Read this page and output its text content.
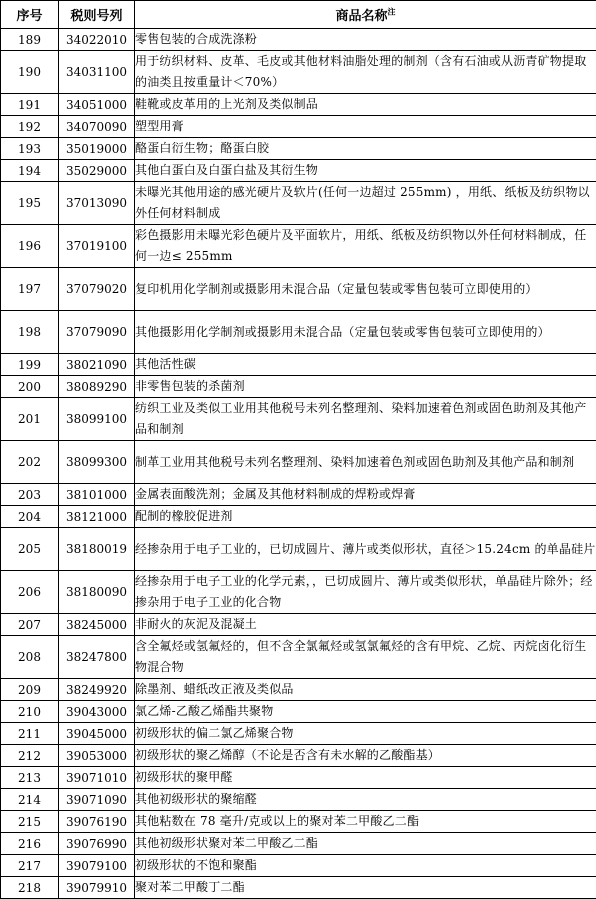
序号	税则号列	商品名称$^注$
189	34022010	零售包装的合成洗涤粉
190	34031100	用于纺织材料、皮革、毛皮或其他材料油脂处理的制剂（含有石油或从沥青矿物提取的油类且按重量计＜70%）
191	34051000	鞋靴或皮革用的上光剂及类似制品
192	34070090	塑型用膏
193	35019000	酪蛋白衍生物；酪蛋白胶
194	35029000	其他白蛋白及白蛋白盐及其衍生物
195	37013090	未曝光其他用途的感光硬片及软片(任何一边超过 255mm) ，用纸、纸板及纺织物以外任何材料制成
196	37019100	彩色摄影用未曝光彩色硬片及平面软片，用纸、纸板及纺织物以外任何材料制成，任何一边≤ 255mm
197	37079020	复印机用化学制剂或摄影用未混合品（定量包装或零售包装可立即使用的）
198	37079090	其他摄影用化学制剂或摄影用未混合品（定量包装或零售包装可立即使用的）
199	38021090	其他活性碳
200	38089290	非零售包装的杀菌剂
201	38099100	纺织工业及类似工业用其他税号未列名整理剂、染料加速着色剂或固色助剂及其他产品和制剂
202	38099300	制革工业用其他税号未列名整理剂、染料加速着色剂或固色助剂及其他产品和制剂
203	38101000	金属表面酸洗剂；金属及其他材料制成的焊粉或焊膏
204	38121000	配制的橡胶促进剂
205	38180019	经掺杂用于电子工业的，已切成圆片、薄片或类似形状，直径＞15.24cm 的单晶硅片
206	38180090	经掺杂用于电子工业的化学元素，，已切成圆片、薄片或类似形状，单晶硅片除外；经掺杂用于电子工业的化合物
207	38245000	非耐火的灰泥及混凝土
208	38247800	含全氟烃或氢氟烃的，但不含全氯氟烃或氢氯氟烃的含有甲烷、乙烷、丙烷卤化衍生物混合物
209	38249920	除墨剂、蜡纸改正液及类似品
210	39043000	氯乙烯-乙酸乙烯酯共聚物
211	39045000	初级形状的偏二氯乙烯聚合物
212	39053000	初级形状的聚乙烯醇（不论是否含有未水解的乙酸酯基）
213	39071010	初级形状的聚甲醛
214	39071090	其他初级形状的聚缩醛
215	39076190	其他粘数在 78 毫升/克或以上的聚对苯二甲酸乙二酯
216	39076990	其他初级形状聚对苯二甲酸乙二酯
217	39079100	初级形状的不饱和聚酯
218	39079910	聚对苯二甲酸丁二酯
